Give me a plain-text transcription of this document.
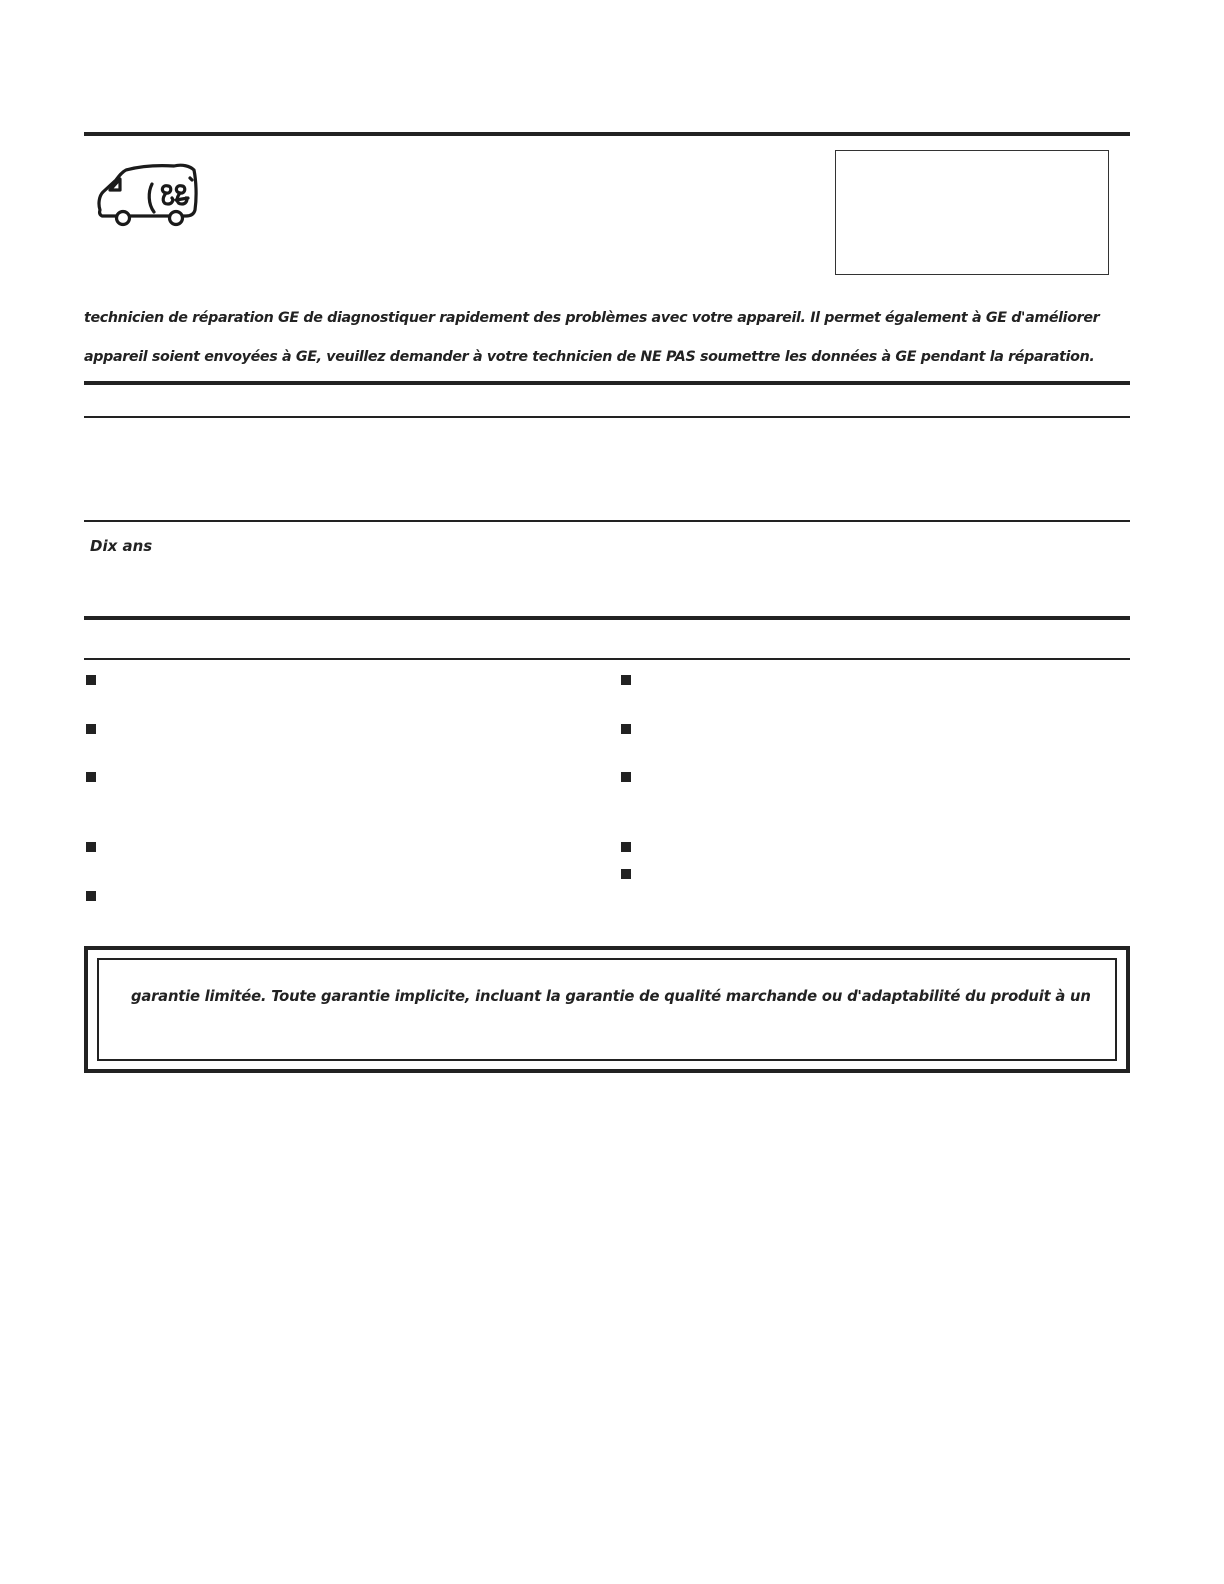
technicien de réparation GE de diagnostiquer rapidement des problèmes avec votre appareil. Il permet également à GE d'améliorer
appareil soient envoyées à GE, veuillez demander à votre technicien de NE PAS soumettre les données à GE pendant la réparation.
Dix ans
garantie limitée. Toute garantie implicite, incluant la garantie de qualité marchande ou d'adaptabilité du produit à un
